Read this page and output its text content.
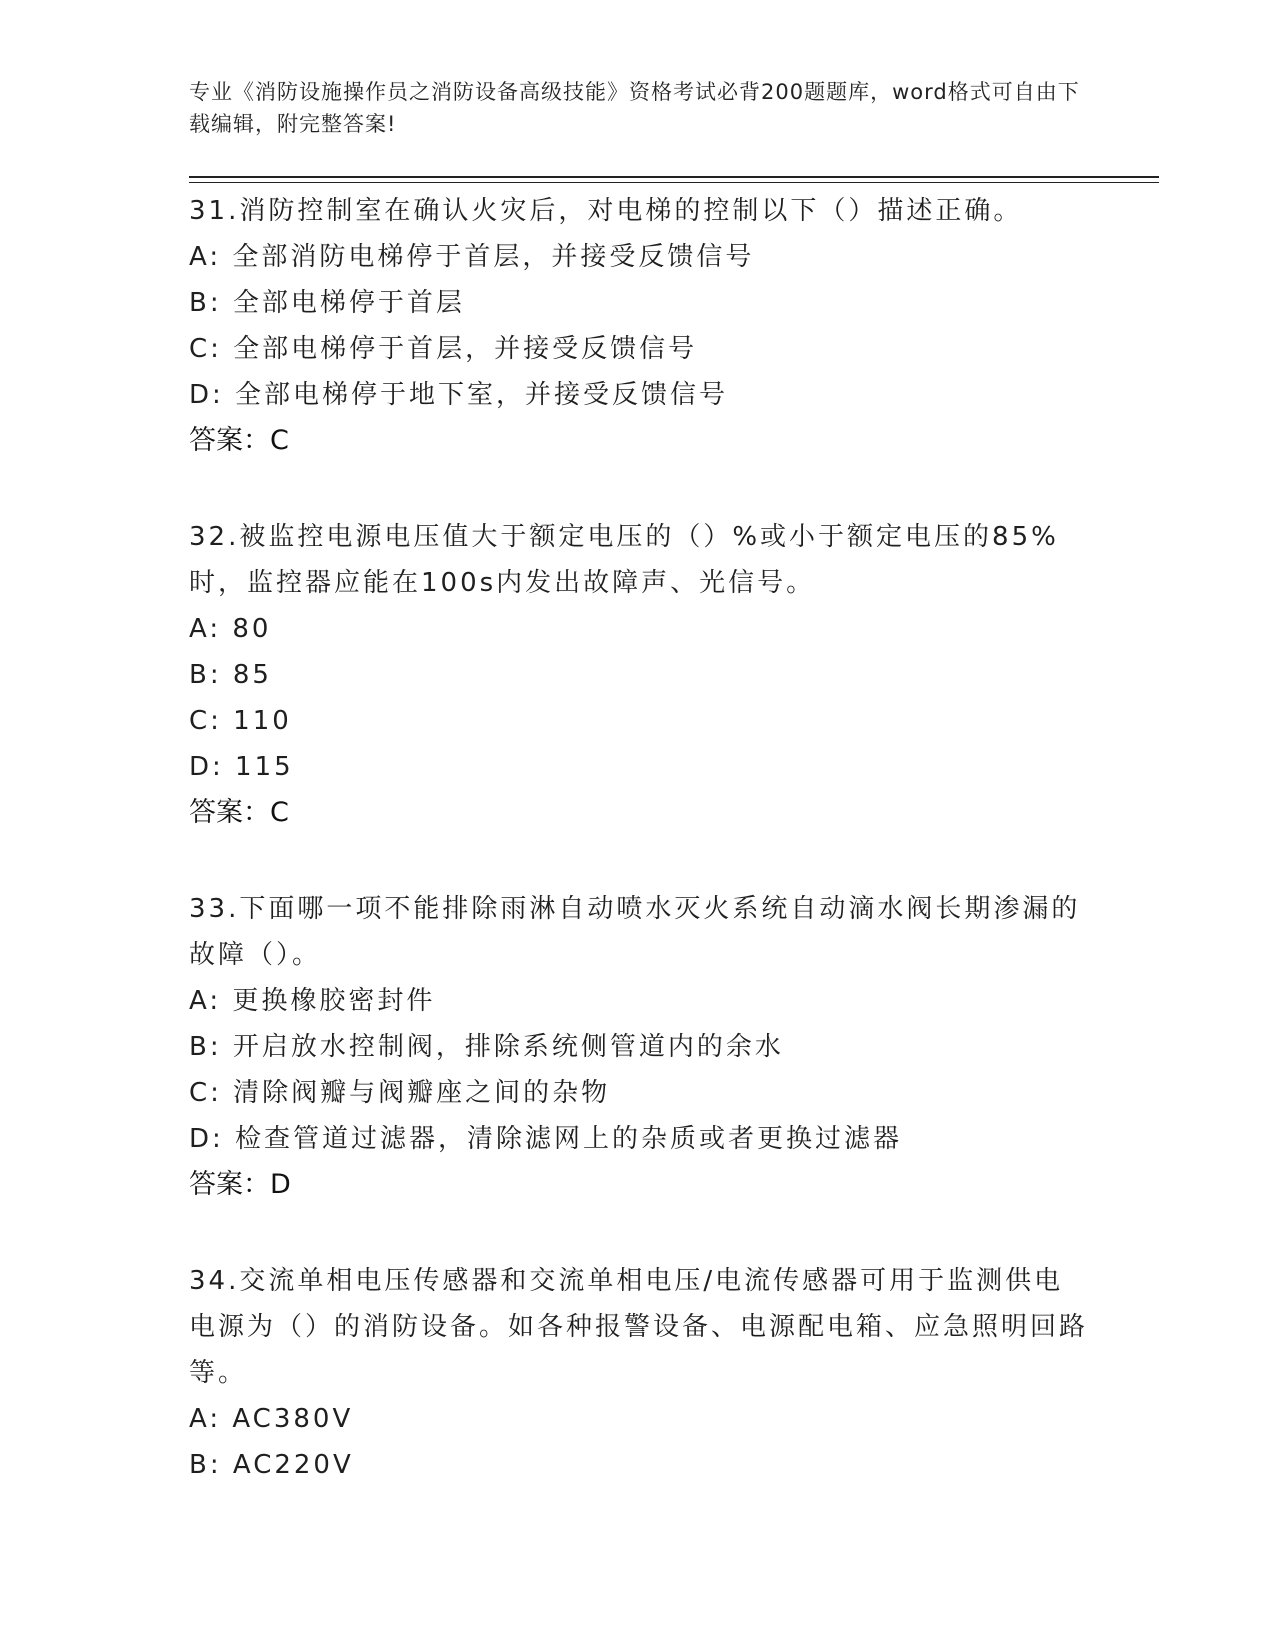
专业《消防设施操作员之消防设备高级技能》资格考试必背200题题库，word格式可自由下载编辑，附完整答案!

31.消防控制室在确认火灾后，对电梯的控制以下（）描述正确。

A: 全部消防电梯停于首层，并接受反馈信号

B: 全部电梯停于首层

C: 全部电梯停于首层，并接受反馈信号

D: 全部电梯停于地下室，并接受反馈信号

答案：C

32.被监控电源电压值大于额定电压的（）%或小于额定电压的85%时，监控器应能在100s内发出故障声、光信号。

A: 80

B: 85

C: 110

D: 115

答案：C

33.下面哪一项不能排除雨淋自动喷水灭火系统自动滴水阀长期渗漏的故障（）。

A: 更换橡胶密封件

B: 开启放水控制阀，排除系统侧管道内的余水

C: 清除阀瓣与阀瓣座之间的杂物

D: 检查管道过滤器，清除滤网上的杂质或者更换过滤器

答案：D

34.交流单相电压传感器和交流单相电压/电流传感器可用于监测供电电源为（）的消防设备。如各种报警设备、电源配电箱、应急照明回路等。

A: AC380V

B: AC220V
